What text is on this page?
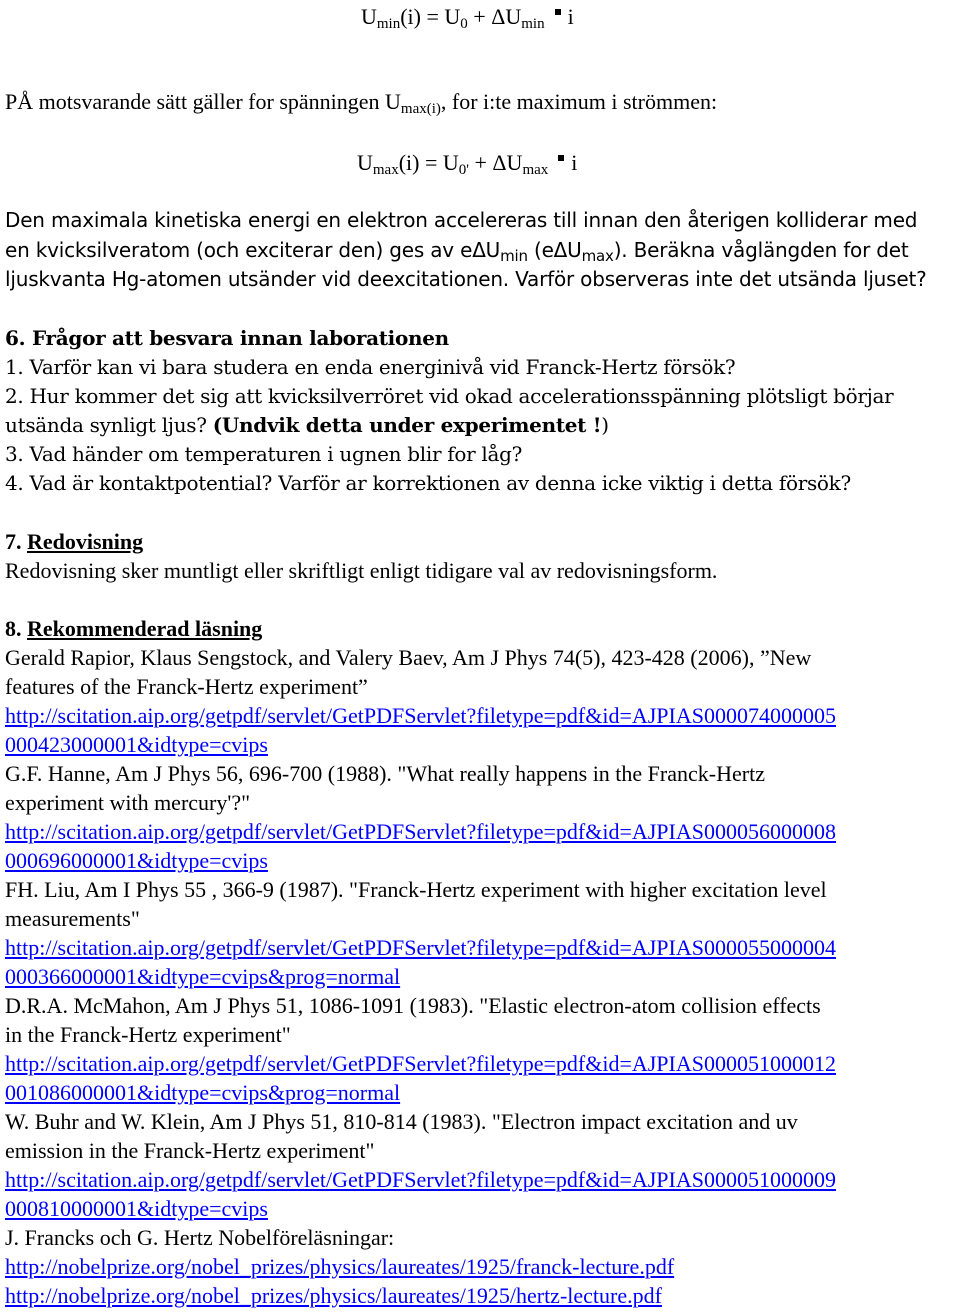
$U_{min}(i) = U_0 + \Delta U_{min}$ i

PÅ motsvarande sätt gäller for spänningen $U_{max(i)}$, for i:te maximum i strömmen:

$U_{max}(i) = U_{0'} + \Delta U_{max}$ i

Den maximala kinetiska energi en elektron accelereras till innan den återigen kolliderar med

en kvicksilveratom (och exciterar den) ges av eΔU$_{min}$ (eΔU$_{max}$). Beräkna våglängden for det

ljuskvanta Hg-atomen utsänder vid deexcitationen. Varför observeras inte det utsända ljuset?

6. Frågor att besvara innan laborationen

1. Varför kan vi bara studera en enda energinivå vid Franck-Hertz försök?

2. Hur kommer det sig att kvicksilverröret vid okad accelerationsspänning plötsligt börjar

utsända synligt ljus? (Undvik detta under experimentet !)

3. Vad händer om temperaturen i ugnen blir for låg?

4. Vad är kontaktpotential? Varför ar korrektionen av denna icke viktig i detta försök?

7. Redovisning

Redovisning sker muntligt eller skriftligt enligt tidigare val av redovisningsform.

8. Rekommenderad läsning

Gerald Rapior, Klaus Sengstock, and Valery Baev, Am J Phys 74(5), 423-428 (2006), ”New

features of the Franck-Hertz experiment”

http://scitation.aip.org/getpdf/servlet/GetPDFServlet?filetype=pdf&id=AJPIAS000074000005

000423000001&idtype=cvips

G.F. Hanne, Am J Phys 56, 696-700 (1988). "What really happens in the Franck-Hertz

experiment with mercury'?"

http://scitation.aip.org/getpdf/servlet/GetPDFServlet?filetype=pdf&id=AJPIAS000056000008

000696000001&idtype=cvips

FH. Liu, Am I Phys 55 , 366-9 (1987). "Franck-Hertz experiment with higher excitation level

measurements"

http://scitation.aip.org/getpdf/servlet/GetPDFServlet?filetype=pdf&id=AJPIAS000055000004

000366000001&idtype=cvips&prog=normal

D.R.A. McMahon, Am J Phys 51, 1086-1091 (1983). "Elastic electron-atom collision effects

in the Franck-Hertz experiment"

http://scitation.aip.org/getpdf/servlet/GetPDFServlet?filetype=pdf&id=AJPIAS000051000012

001086000001&idtype=cvips&prog=normal

W. Buhr and W. Klein, Am J Phys 51, 810-814 (1983). "Electron impact excitation and uv

emission in the Franck-Hertz experiment"

http://scitation.aip.org/getpdf/servlet/GetPDFServlet?filetype=pdf&id=AJPIAS000051000009

000810000001&idtype=cvips

J. Francks och G. Hertz Nobelföreläsningar:

http://nobelprize.org/nobel_prizes/physics/laureates/1925/franck-lecture.pdf

http://nobelprize.org/nobel_prizes/physics/laureates/1925/hertz-lecture.pdf
